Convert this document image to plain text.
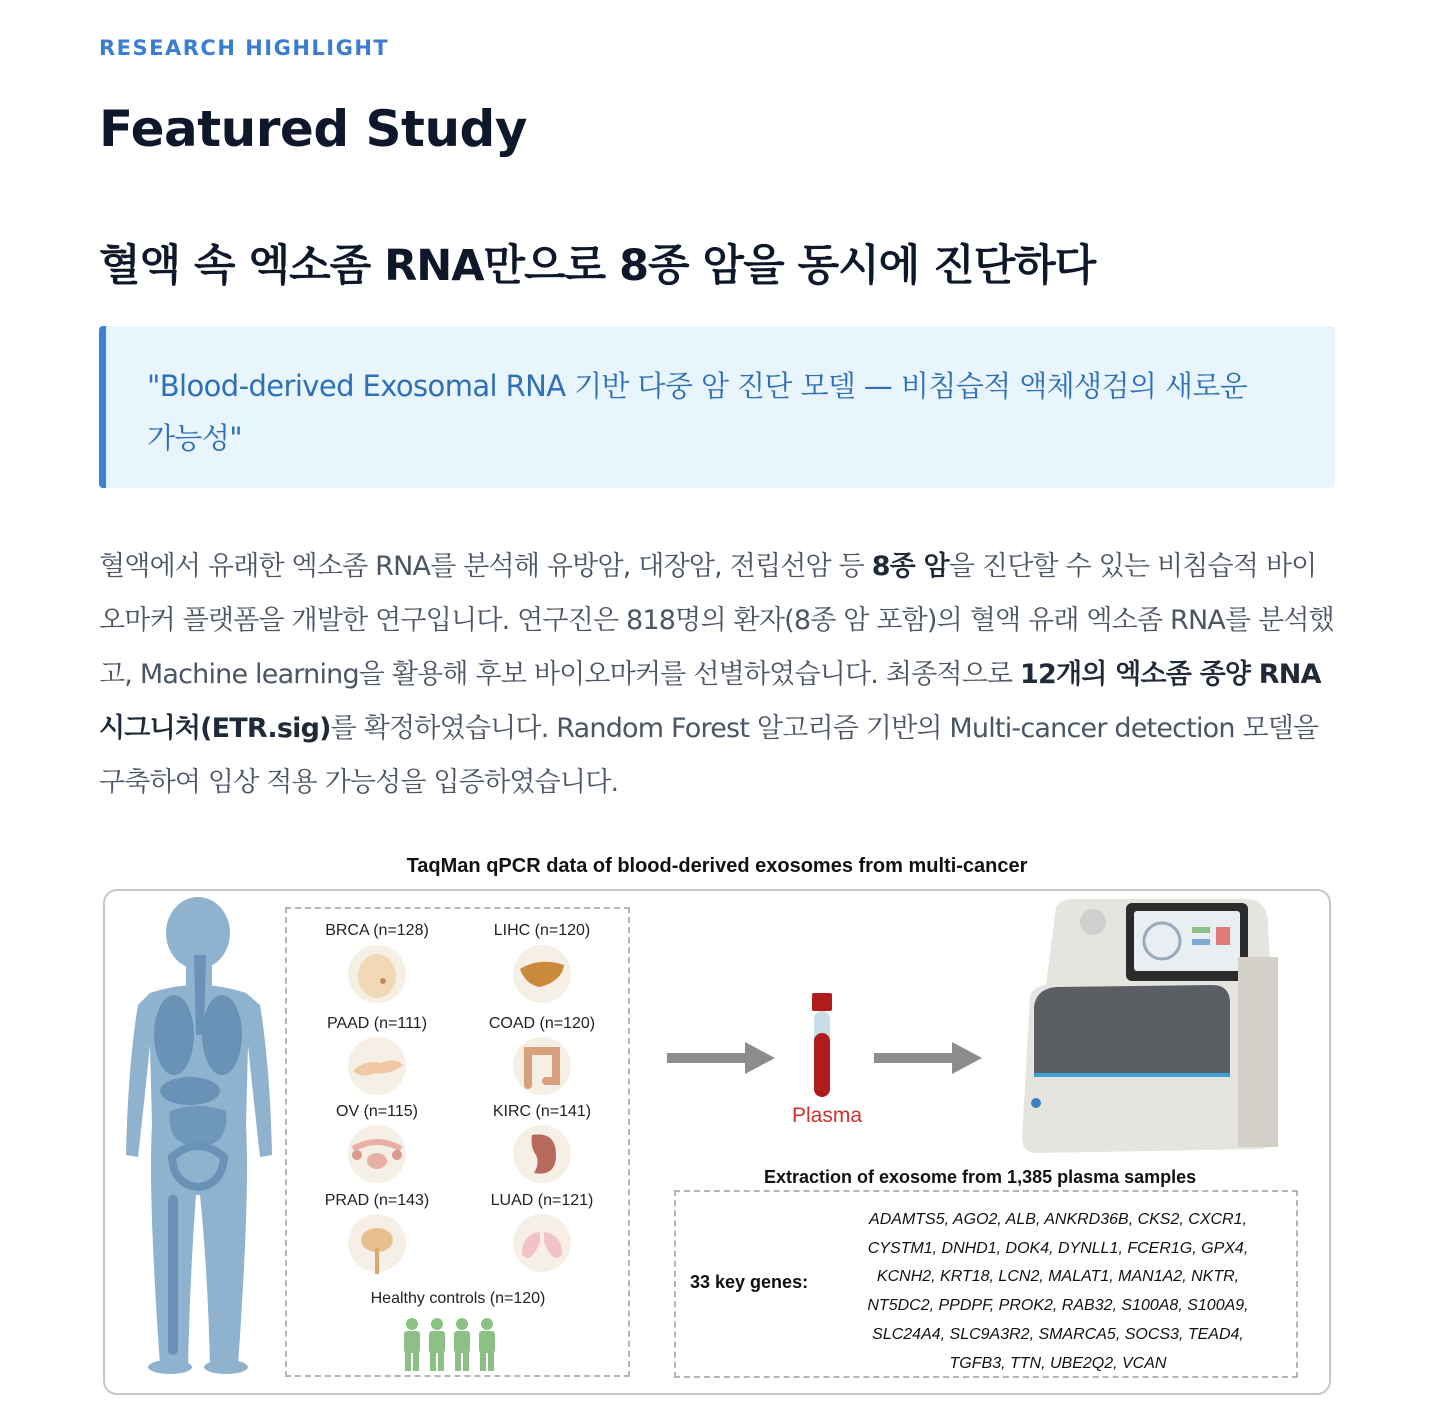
RESEARCH HIGHLIGHT
Featured Study
혈액 속 엑소좀 RNA만으로 8종 암을 동시에 진단하다

"Blood-derived Exosomal RNA 기반 다중 암 진단 모델 — 비침습적 액체생검의 새로운
가능성"

혈액에서 유래한 엑소좀 RNA를 분석해 유방암, 대장암, 전립선암 등 8종 암을 진단할 수 있는 비침습적 바이오마커 플랫폼을 개발한 연구입니다. 연구진은 818명의 환자(8종 암 포함)의 혈액 유래 엑소좀 RNA를 분석했고, Machine learning을 활용해 후보 바이오마커를 선별하였습니다. 최종적으로 12개의 엑소좀 종양 RNA 시그니처(ETR.sig)를 확정하였습니다. Random Forest 알고리즘 기반의 Multi-cancer detection 모델을 구축하여 임상 적용 가능성을 입증하였습니다.

TaqMan qPCR data of blood-derived exosomes from multi-cancer
BRCA (n=128)	LIHC (n=120)
PAAD (n=111)	COAD (n=120)
OV (n=115)	KIRC (n=141)
PRAD (n=143)	LUAD (n=121)
Healthy controls (n=120)
Plasma
Extraction of exosome from 1,385 plasma samples
33 key genes:
ADAMTS5, AGO2, ALB, ANKRD36B, CKS2, CXCR1,
CYSTM1, DNHD1, DOK4, DYNLL1, FCER1G, GPX4,
KCNH2, KRT18, LCN2, MALAT1, MAN1A2, NKTR,
NT5DC2, PPDPF, PROK2, RAB32, S100A8, S100A9,
SLC24A4, SLC9A3R2, SMARCA5, SOCS3, TEAD4,
TGFB3, TTN, UBE2Q2, VCAN
